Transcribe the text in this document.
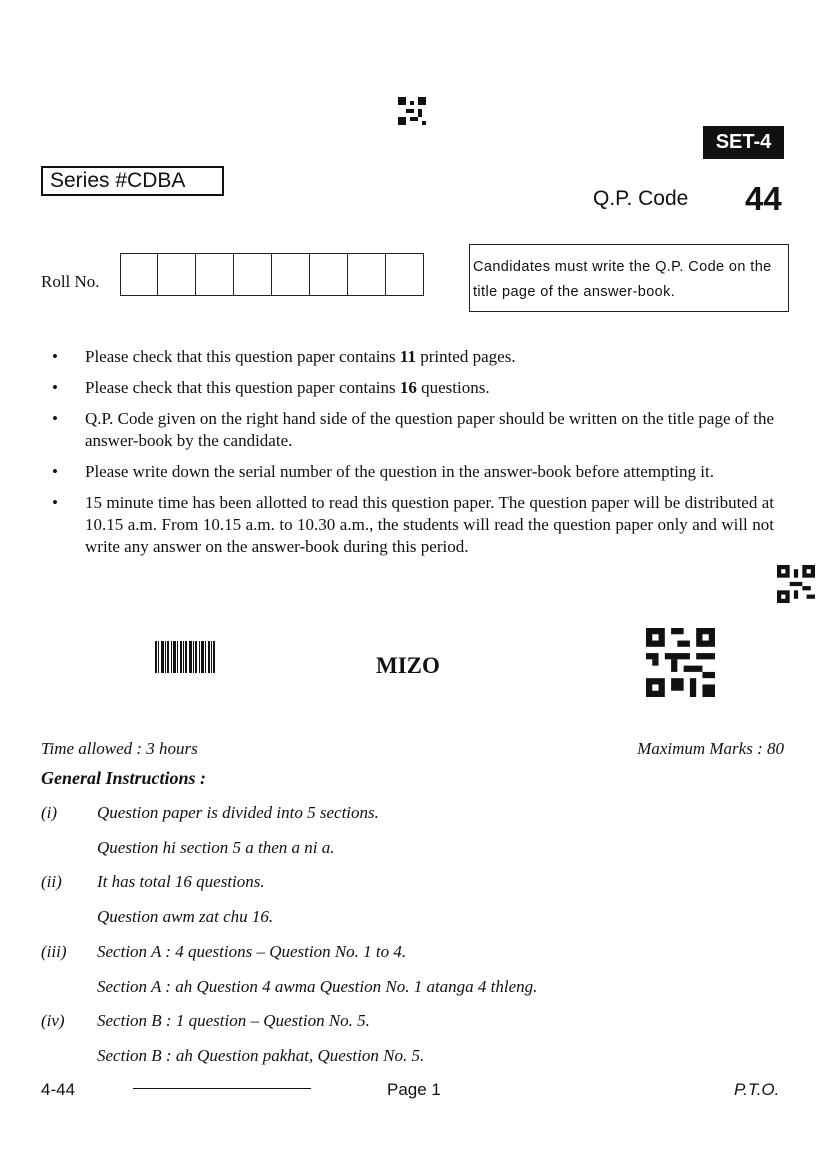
SET-4
Series #CDBA
Q.P. Code 44
Roll No.
Candidates must write the Q.P. Code on the title page of the answer-book.
• Please check that this question paper contains 11 printed pages.
• Please check that this question paper contains 16 questions.
• Q.P. Code given on the right hand side of the question paper should be written on the title page of the answer-book by the candidate.
• Please write down the serial number of the question in the answer-book before attempting it.
• 15 minute time has been allotted to read this question paper. The question paper will be distributed at 10.15 a.m. From 10.15 a.m. to 10.30 a.m., the students will read the question paper only and will not write any answer on the answer-book during this period.
MIZO
Time allowed : 3 hours	Maximum Marks : 80
General Instructions :
(i) Question paper is divided into 5 sections.
Question hi section 5 a then a ni a.
(ii) It has total 16 questions.
Question awm zat chu 16.
(iii) Section A : 4 questions – Question No. 1 to 4.
Section A : ah Question 4 awma Question No. 1 atanga 4 thleng.
(iv) Section B : 1 question – Question No. 5.
Section B : ah Question pakhat, Question No. 5.
4-44	Page 1	P.T.O.
